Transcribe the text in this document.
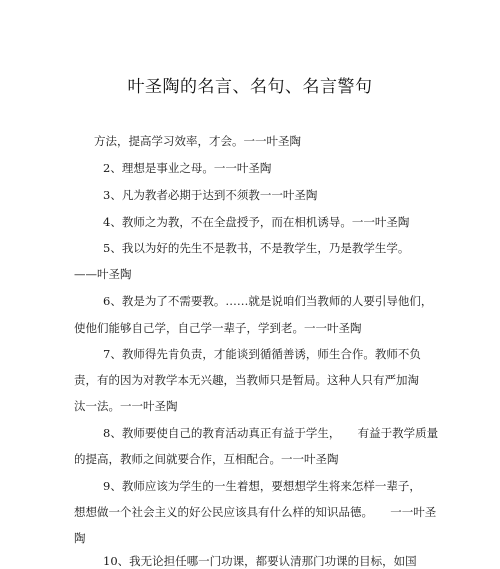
叶圣陶的名言、名句、名言警句
方法，提高学习效率，才会。一一叶圣陶
2、理想是事业之母。一一叶圣陶
3、凡为教者必期于达到不须教一一叶圣陶
4、教师之为教，不在全盘授予，而在相机诱导。一一叶圣陶
5、我以为好的先生不是教书，不是教学生，乃是教学生学。
——叶圣陶
6、教是为了不需要教。……就是说咱们当教师的人要引导他们，
使他们能够自己学，自己学一辈子，学到老。一一叶圣陶
7、教师得先肯负责，才能谈到循循善诱，师生合作。教师不负
责，有的因为对教学本无兴趣，当教师只是暂局。这种人只有严加淘
汰一法。一一叶圣陶
8、教师要使自己的教育活动真正有益于学生，　　有益于教学质量
的提高，教师之间就要合作，互相配合。一一叶圣陶
9、教师应该为学生的一生着想，要想想学生将来怎样一辈子，
想想做一个社会主义的好公民应该具有什么样的知识品德。　　一一叶圣
陶
10、我无论担任哪一门功课，都要认清那门功课的目标，如国
